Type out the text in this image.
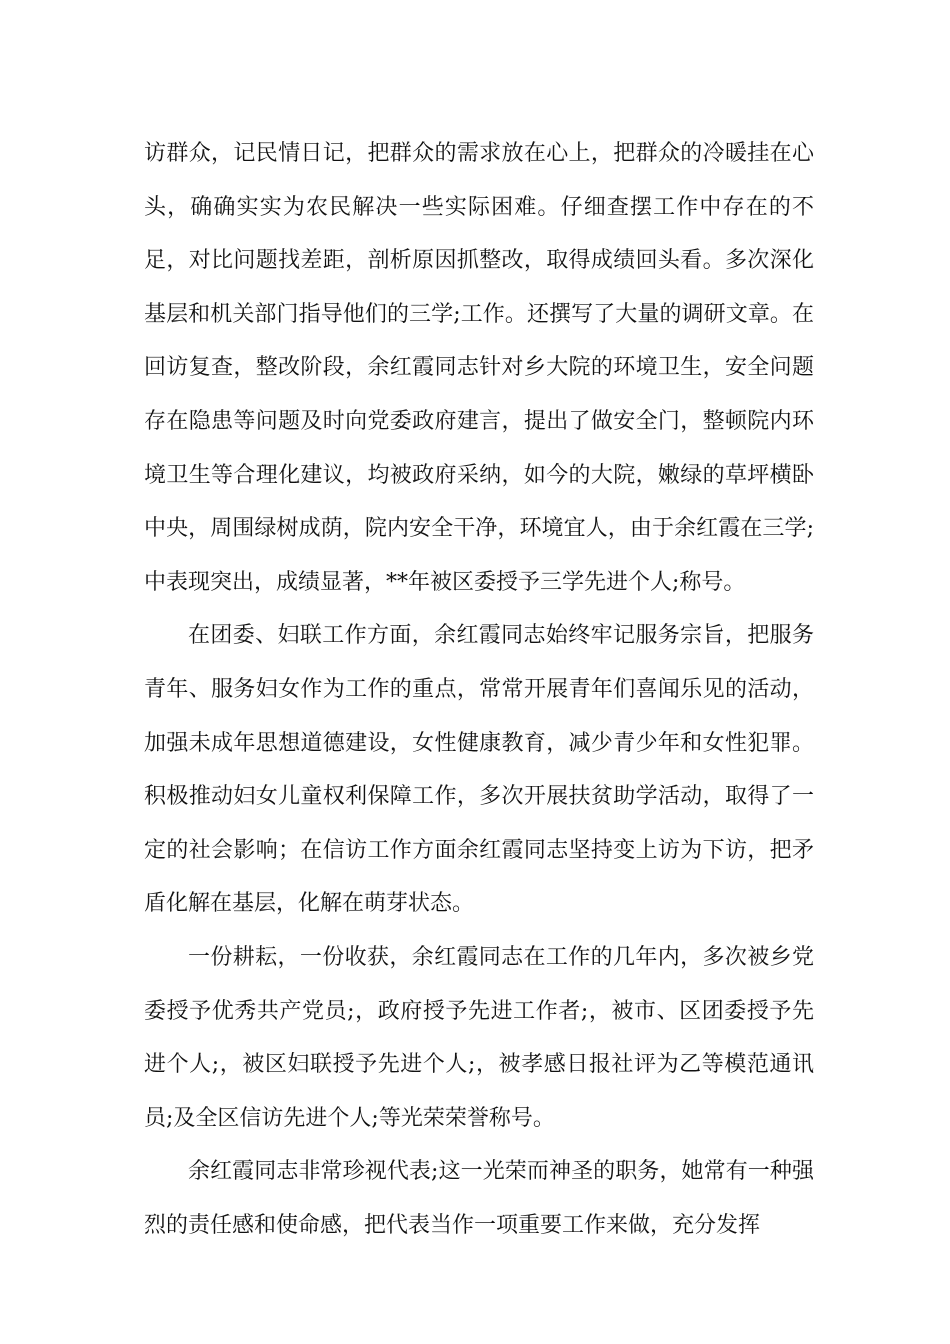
访群众，记民情日记，把群众的需求放在心上，把群众的冷暖挂在心头，确确实实为农民解决一些实际困难。仔细查摆工作中存在的不足，对比问题找差距，剖析原因抓整改，取得成绩回头看。多次深化基层和机关部门指导他们的三学;工作。还撰写了大量的调研文章。在回访复查，整改阶段，余红霞同志针对乡大院的环境卫生，安全问题存在隐患等问题及时向党委政府建言，提出了做安全门，整顿院内环境卫生等合理化建议，均被政府采纳，如今的大院，嫩绿的草坪横卧中央，周围绿树成荫，院内安全干净，环境宜人，由于余红霞在三学;中表现突出，成绩显著，**年被区委授予三学先进个人;称号。

在团委、妇联工作方面，余红霞同志始终牢记服务宗旨，把服务青年、服务妇女作为工作的重点，常常开展青年们喜闻乐见的活动，加强未成年思想道德建设，女性健康教育，减少青少年和女性犯罪。积极推动妇女儿童权利保障工作，多次开展扶贫助学活动，取得了一定的社会影响；在信访工作方面余红霞同志坚持变上访为下访，把矛盾化解在基层，化解在萌芽状态。

一份耕耘，一份收获，余红霞同志在工作的几年内，多次被乡党委授予优秀共产党员;，政府授予先进工作者;，被市、区团委授予先进个人;，被区妇联授予先进个人;，被孝感日报社评为乙等模范通讯员;及全区信访先进个人;等光荣荣誉称号。

余红霞同志非常珍视代表;这一光荣而神圣的职务，她常有一种强烈的责任感和使命感，把代表当作一项重要工作来做，充分发挥
